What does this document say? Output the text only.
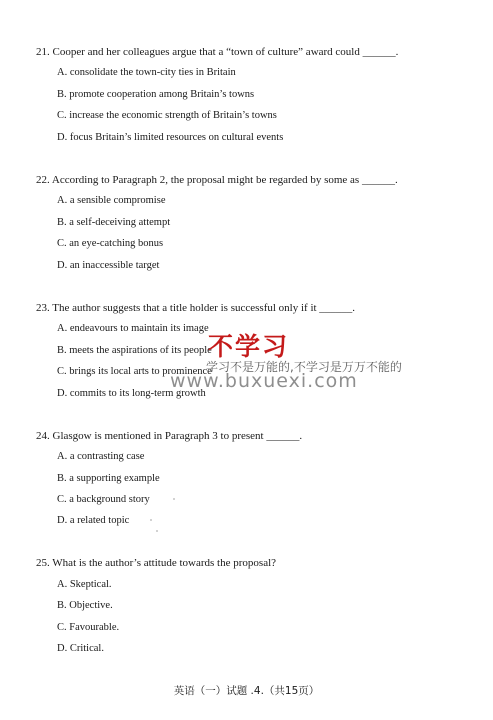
21. Cooper and her colleagues argue that a “town of culture” award could ______.
A. consolidate the town-city ties in Britain
B. promote cooperation among Britain’s towns
C. increase the economic strength of Britain’s towns
D. focus Britain’s limited resources on cultural events
22. According to Paragraph 2, the proposal might be regarded by some as ______.
A. a sensible compromise
B. a self-deceiving attempt
C. an eye-catching bonus
D. an inaccessible target
23. The author suggests that a title holder is successful only if it ______.
A. endeavours to maintain its image
B. meets the aspirations of its people
C. brings its local arts to prominence
D. commits to its long-term growth
24. Glasgow is mentioned in Paragraph 3 to present ______.
A. a contrasting case
B. a supporting example
C. a background story
D. a related topic
25. What is the author’s attitude towards the proposal?
A. Skeptical.
B. Objective.
C. Favourable.
D. Critical.
不学习
学习不是万能的,不学习是万万不能的
www.buxuexi.com
英语（一）试题 .4.（共15页）
